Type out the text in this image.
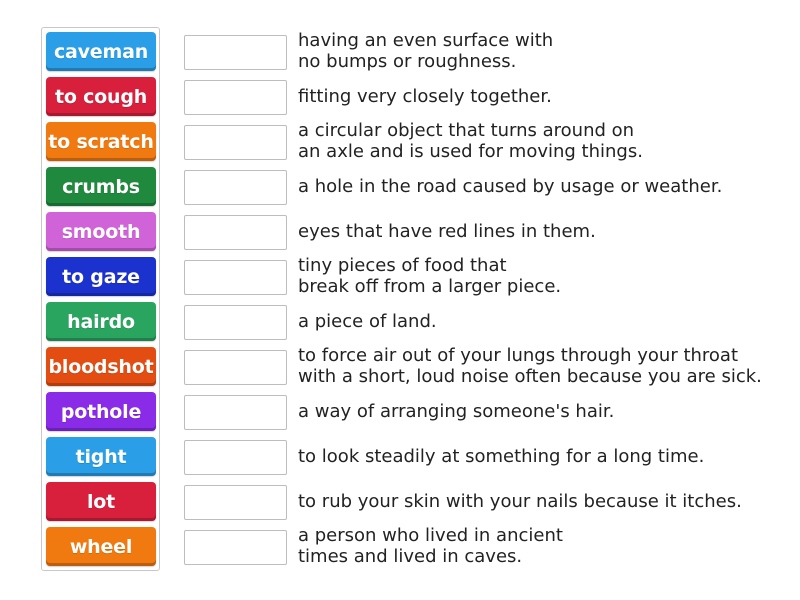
caveman
to cough
to scratch
crumbs
smooth
to gaze
hairdo
bloodshot
pothole
tight
lot
wheel
having an even surface with
no bumps or roughness.
fitting very closely together.
a circular object that turns around on
an axle and is used for moving things.
a hole in the road caused by usage or weather.
eyes that have red lines in them.
tiny pieces of food that
break off from a larger piece.
a piece of land.
to force air out of your lungs through your throat
with a short, loud noise often because you are sick.
a way of arranging someone's hair.
to look steadily at something for a long time.
to rub your skin with your nails because it itches.
a person who lived in ancient
times and lived in caves.
